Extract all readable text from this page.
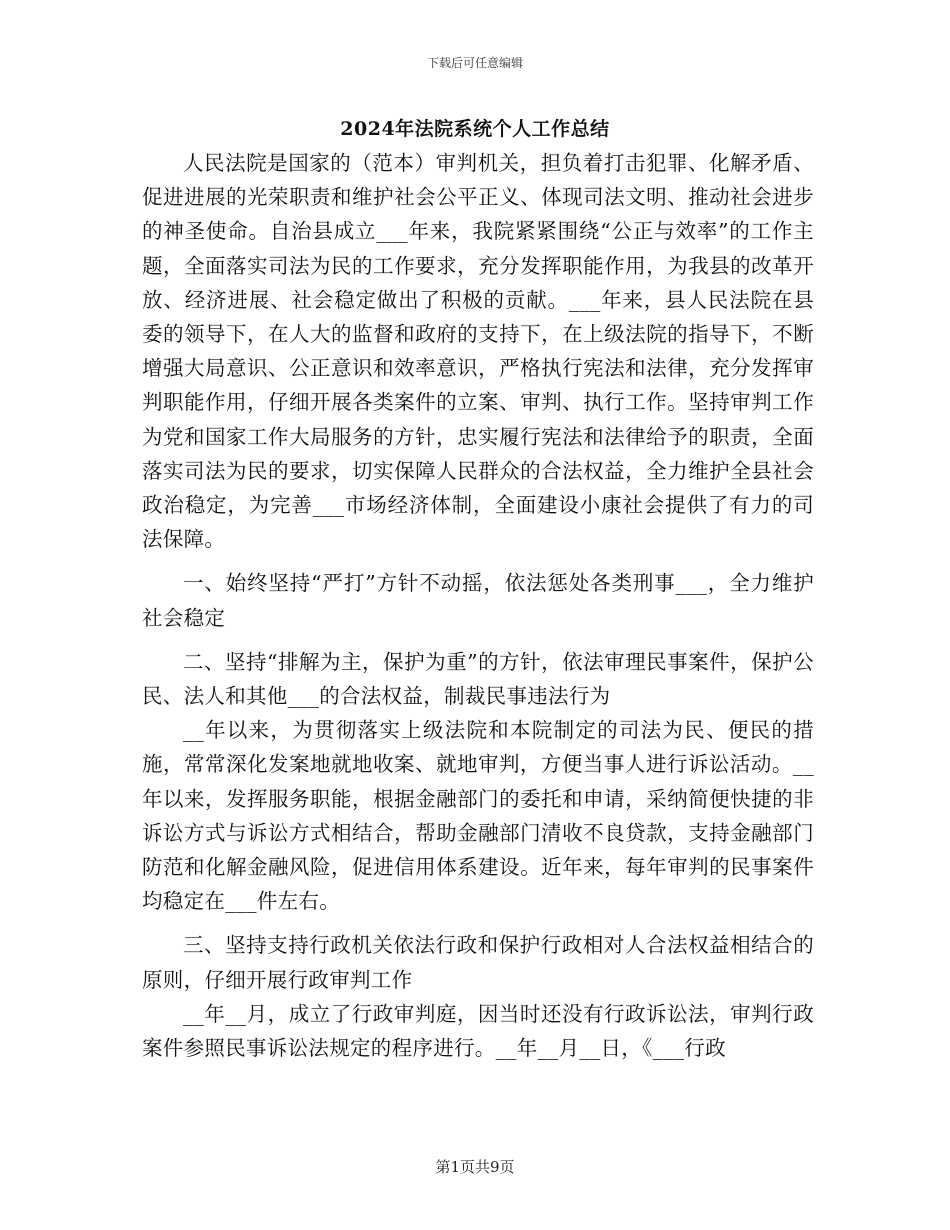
下载后可任意编辑
2024年法院系统个人工作总结

人民法院是国家的（范本）审判机关，担负着打击犯罪、化解矛盾、促进进展的光荣职责和维护社会公平正义、体现司法文明、推动社会进步的神圣使命。自治县成立___年来，我院紧紧围绕“公正与效率”的工作主题，全面落实司法为民的工作要求，充分发挥职能作用，为我县的改革开放、经济进展、社会稳定做出了积极的贡献。___年来，县人民法院在县委的领导下，在人大的监督和政府的支持下，在上级法院的指导下，不断增强大局意识、公正意识和效率意识，严格执行宪法和法律，充分发挥审判职能作用，仔细开展各类案件的立案、审判、执行工作。坚持审判工作为党和国家工作大局服务的方针，忠实履行宪法和法律给予的职责，全面落实司法为民的要求，切实保障人民群众的合法权益，全力维护全县社会政治稳定，为完善___市场经济体制，全面建设小康社会提供了有力的司法保障。

一、始终坚持“严打”方针不动摇，依法惩处各类刑事___，全力维护社会稳定

二、坚持“排解为主，保护为重”的方针，依法审理民事案件，保护公民、法人和其他___的合法权益，制裁民事违法行为

__年以来，为贯彻落实上级法院和本院制定的司法为民、便民的措施，常常深化发案地就地收案、就地审判，方便当事人进行诉讼活动。__年以来，发挥服务职能，根据金融部门的委托和申请，采纳简便快捷的非诉讼方式与诉讼方式相结合，帮助金融部门清收不良贷款，支持金融部门防范和化解金融风险，促进信用体系建设。近年来，每年审判的民事案件均稳定在___件左右。

三、坚持支持行政机关依法行政和保护行政相对人合法权益相结合的原则，仔细开展行政审判工作

__年__月，成立了行政审判庭，因当时还没有行政诉讼法，审判行政案件参照民事诉讼法规定的程序进行。__年__月__日，《___行政

第1页共9页
